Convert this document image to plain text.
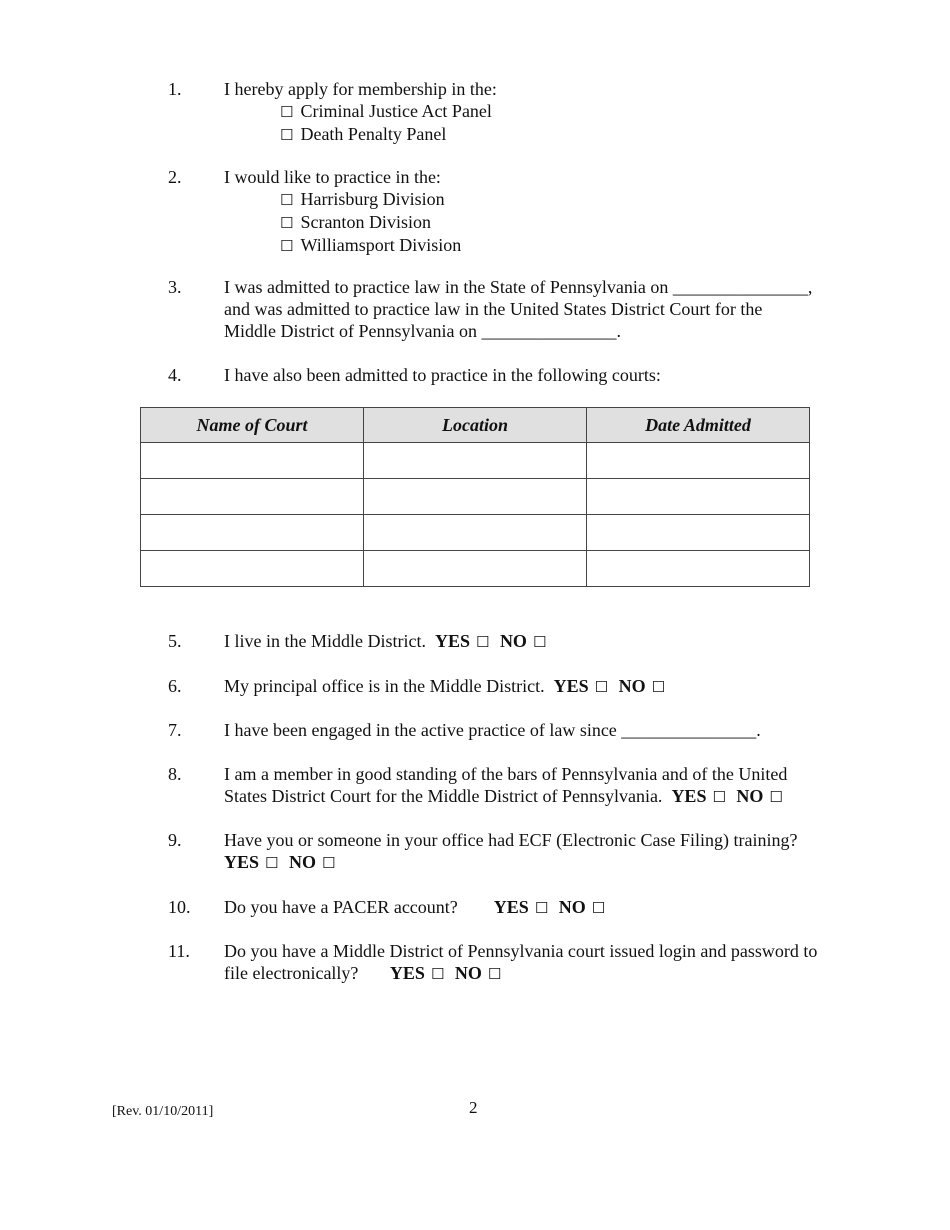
1. I hereby apply for membership in the:
☐ Criminal Justice Act Panel
☐ Death Penalty Panel
2. I would like to practice in the:
☐ Harrisburg Division
☐ Scranton Division
☐ Williamsport Division
3. I was admitted to practice law in the State of Pennsylvania on _______________,
and was admitted to practice law in the United States District Court for the
Middle District of Pennsylvania on _______________.
4. I have also been admitted to practice in the following courts:
Name of Court	Location	Date Admitted

5. I live in the Middle District. YES ☐ NO ☐
6. My principal office is in the Middle District. YES ☐ NO ☐
7. I have been engaged in the active practice of law since _______________.
8. I am a member in good standing of the bars of Pennsylvania and of the United
States District Court for the Middle District of Pennsylvania. YES ☐ NO ☐
9. Have you or someone in your office had ECF (Electronic Case Filing) training?
YES ☐ NO ☐
10. Do you have a PACER account? YES ☐ NO ☐
11. Do you have a Middle District of Pennsylvania court issued login and password to
file electronically? YES ☐ NO ☐
[Rev. 01/10/2011]	2
